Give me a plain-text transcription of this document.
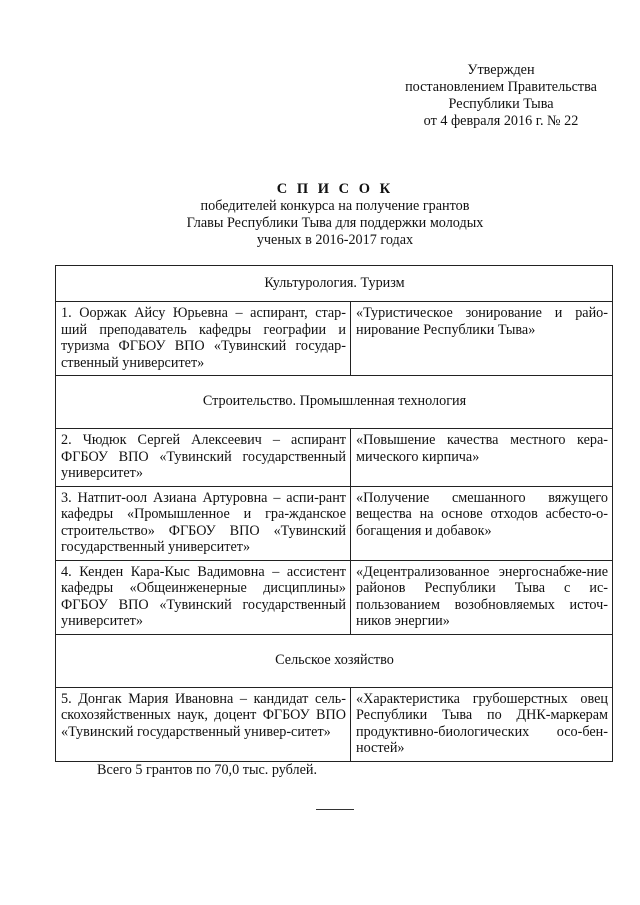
Утвержден
постановлением Правительства
Республики Тыва
от 4 февраля 2016 г. № 22
С П И С О К
победителей конкурса на получение грантов
Главы Республики Тыва для поддержки молодых
ученых в 2016-2017 годах
Культурология. Туризм	
1. Ооржак Айсу Юрьевна – аспирант, стар-ший преподаватель кафедры географии и туризма ФГБОУ ВПО «Тувинский государ-ственный университет»	«Туристическое зонирование и райо-нирование Республики Тыва»
Строительство. Промышленная технология	
2. Чюдюк Сергей Алексеевич – аспирант ФГБОУ ВПО «Тувинский государственный университет»	«Повышение качества местного кера-мического кирпича»
3. Натпит-оол Азиана Артуровна – аспи-рант кафедры «Промышленное и гра-жданское строительство» ФГБОУ ВПО «Тувинский государственный университет»	«Получение смешанного вяжущего вещества на основе отходов асбесто-о-богащения и добавок»
4. Кенден Кара-Кыс Вадимовна – ассистент кафедры «Общеинженерные дисциплины» ФГБОУ ВПО «Тувинский государственный университет»	«Децентрализованное энергоснабже-ние районов Республики Тыва с ис-пользованием возобновляемых источ-ников энергии»
Сельское хозяйство	
5. Донгак Мария Ивановна – кандидат сель-скохозяйственных наук, доцент ФГБОУ ВПО «Тувинский государственный универ-ситет»	«Характеристика грубошерстных овец Республики Тыва по ДНК-маркерам продуктивно-биологических осо-бен-ностей»
Всего 5 грантов по 70,0 тыс. рублей.
